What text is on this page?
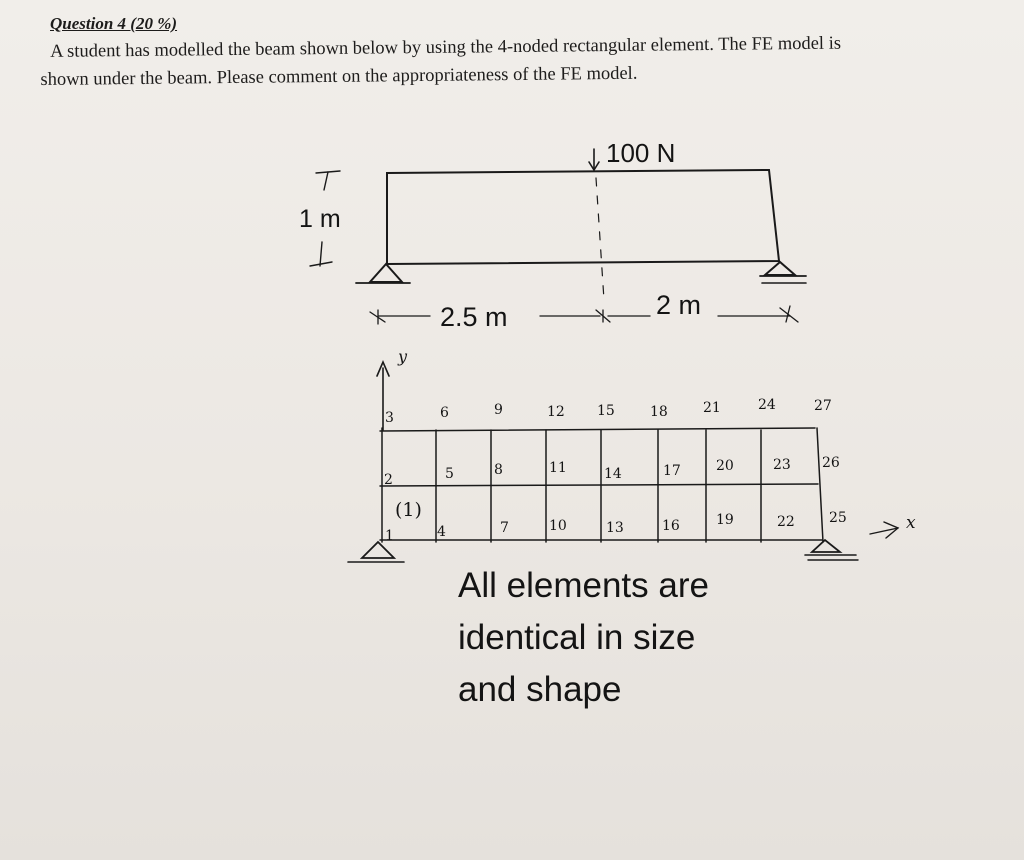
Question 4 (20 %)
A student has modelled the beam shown below by using the 4-noded rectangular element. The FE model is
shown under the beam. Please comment on the appropriateness of the FE model.
100 N
1 m
2.5 m	2 m
y
x
(1)
1
2
3
4
5
6
7
8
9
10
11
12
13
14
15
16
17
18
19
20
21
22
23
24
25
26
27
All elements are
identical in size
and shape
